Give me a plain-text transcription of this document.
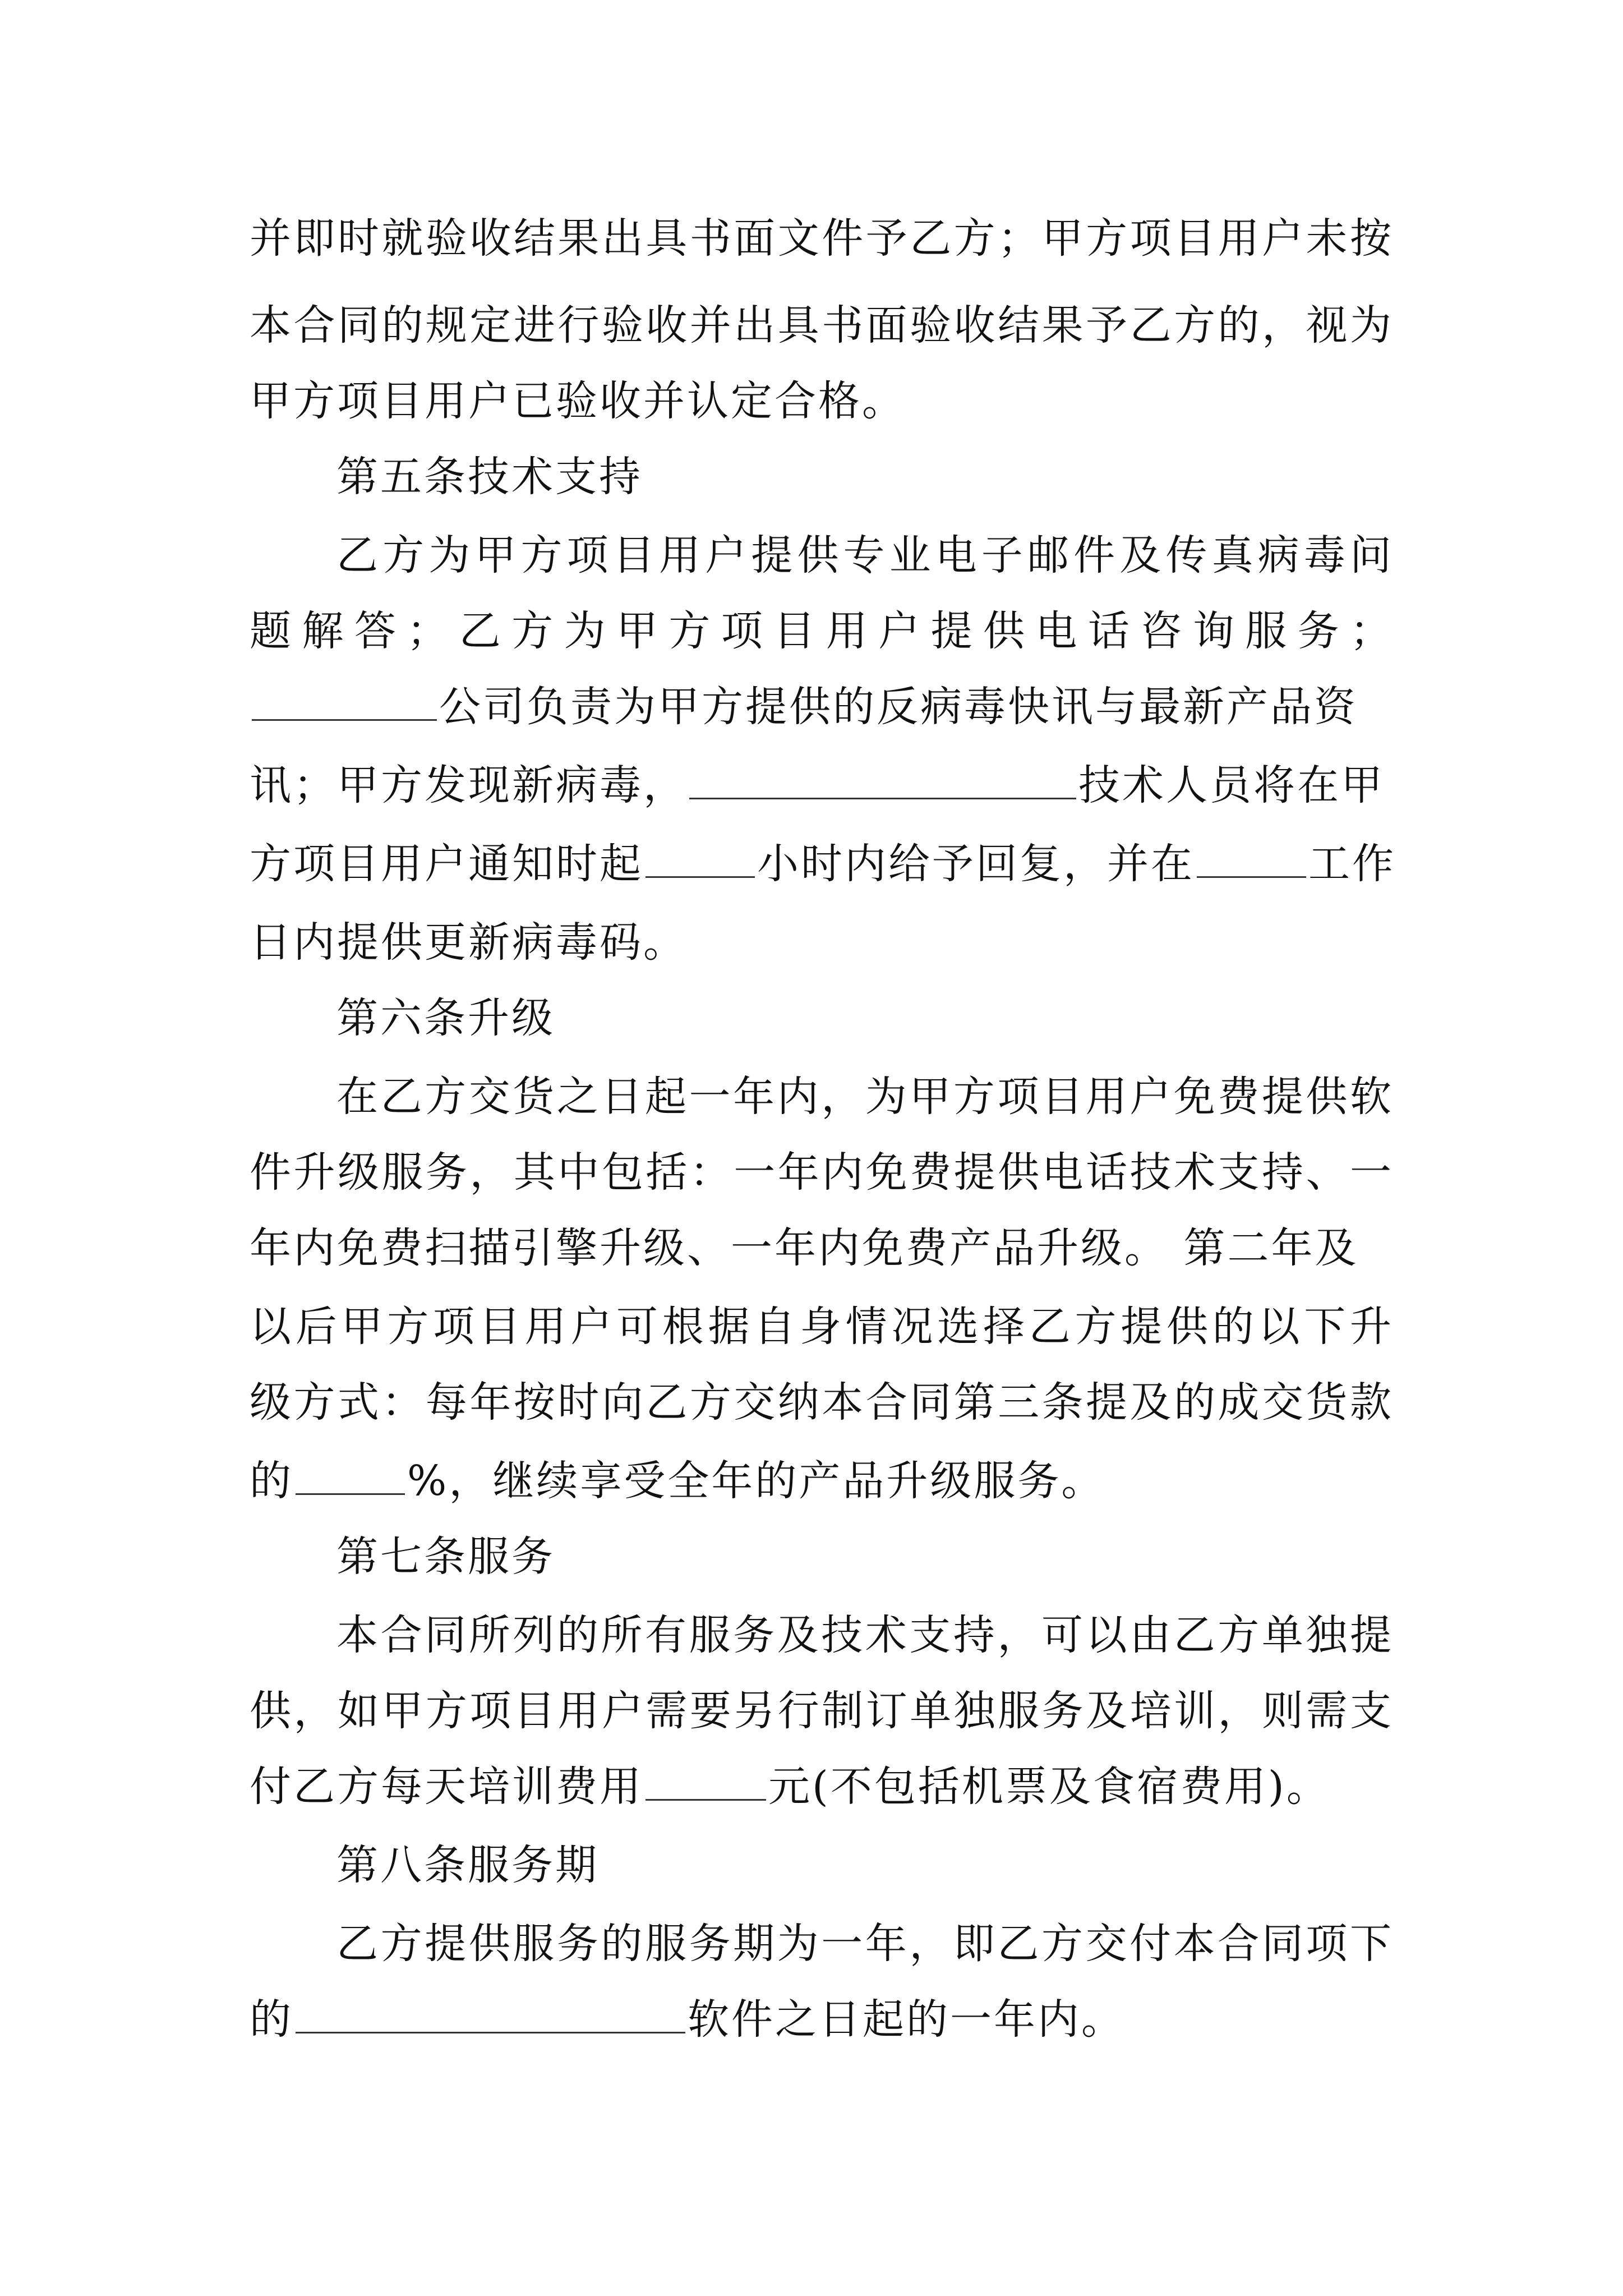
并即时就验收结果出具书面文件予乙方；甲方项目用户未按
本合同的规定进行验收并出具书面验收结果予乙方的，视为
甲方项目用户已验收并认定合格。
第五条技术支持
乙方为甲方项目用户提供专业电子邮件及传真病毒问
题解答；乙方为甲方项目用户提供电话咨询服务；
公司负责为甲方提供的反病毒快讯与最新产品资
讯；甲方发现新病毒，	技术人员将在甲
方项目用户通知时起	小时内给予回复，并在	工作
日内提供更新病毒码。
第六条升级
在乙方交货之日起一年内，为甲方项目用户免费提供软
件升级服务，其中包括：一年内免费提供电话技术支持、一
年内免费扫描引擎升级、一年内免费产品升级。 第二年及
以后甲方项目用户可根据自身情况选择乙方提供的以下升
级方式：每年按时向乙方交纳本合同第三条提及的成交货款
的	%，继续享受全年的产品升级服务。
第七条服务
本合同所列的所有服务及技术支持，可以由乙方单独提
供，如甲方项目用户需要另行制订单独服务及培训，则需支
付乙方每天培训费用	元(不包括机票及食宿费用)。
第八条服务期
乙方提供服务的服务期为一年，即乙方交付本合同项下
的	软件之日起的一年内。
